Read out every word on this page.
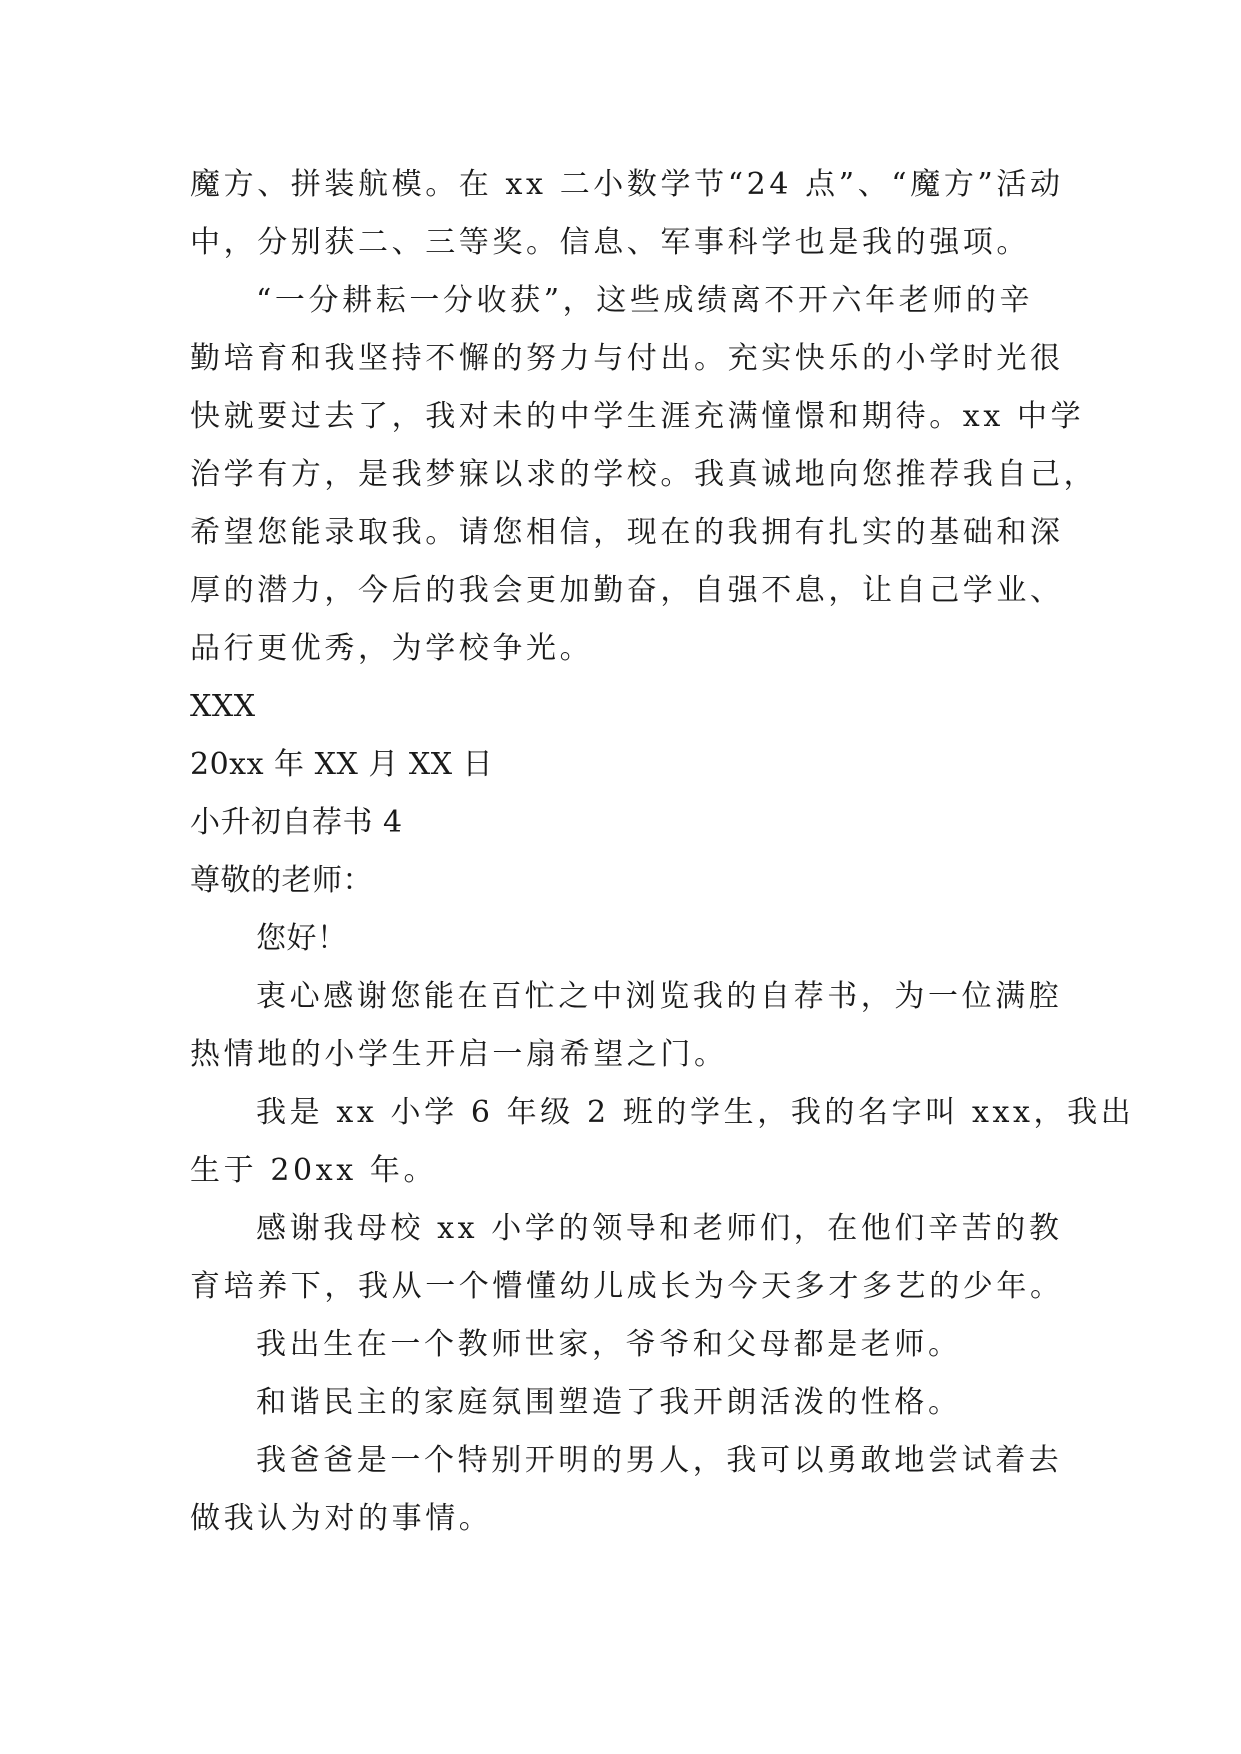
魔方、拼装航模。在 xx 二小数学节“24 点”、“魔方”活动
中，分别获二、三等奖。信息、军事科学也是我的强项。
“一分耕耘一分收获”，这些成绩离不开六年老师的辛
勤培育和我坚持不懈的努力与付出。充实快乐的小学时光很
快就要过去了，我对未的中学生涯充满憧憬和期待。xx 中学
治学有方，是我梦寐以求的学校。我真诚地向您推荐我自己，
希望您能录取我。请您相信，现在的我拥有扎实的基础和深
厚的潜力，今后的我会更加勤奋，自强不息，让自己学业、
品行更优秀，为学校争光。
XXX
20xx 年 XX 月 XX 日
小升初自荐书 4
尊敬的老师：
您好！
衷心感谢您能在百忙之中浏览我的自荐书，为一位满腔
热情地的小学生开启一扇希望之门。
我是 xx 小学 6 年级 2 班的学生，我的名字叫 xxx，我出
生于 20xx 年。
感谢我母校 xx 小学的领导和老师们，在他们辛苦的教
育培养下，我从一个懵懂幼儿成长为今天多才多艺的少年。
我出生在一个教师世家，爷爷和父母都是老师。
和谐民主的家庭氛围塑造了我开朗活泼的性格。
我爸爸是一个特别开明的男人，我可以勇敢地尝试着去
做我认为对的事情。
